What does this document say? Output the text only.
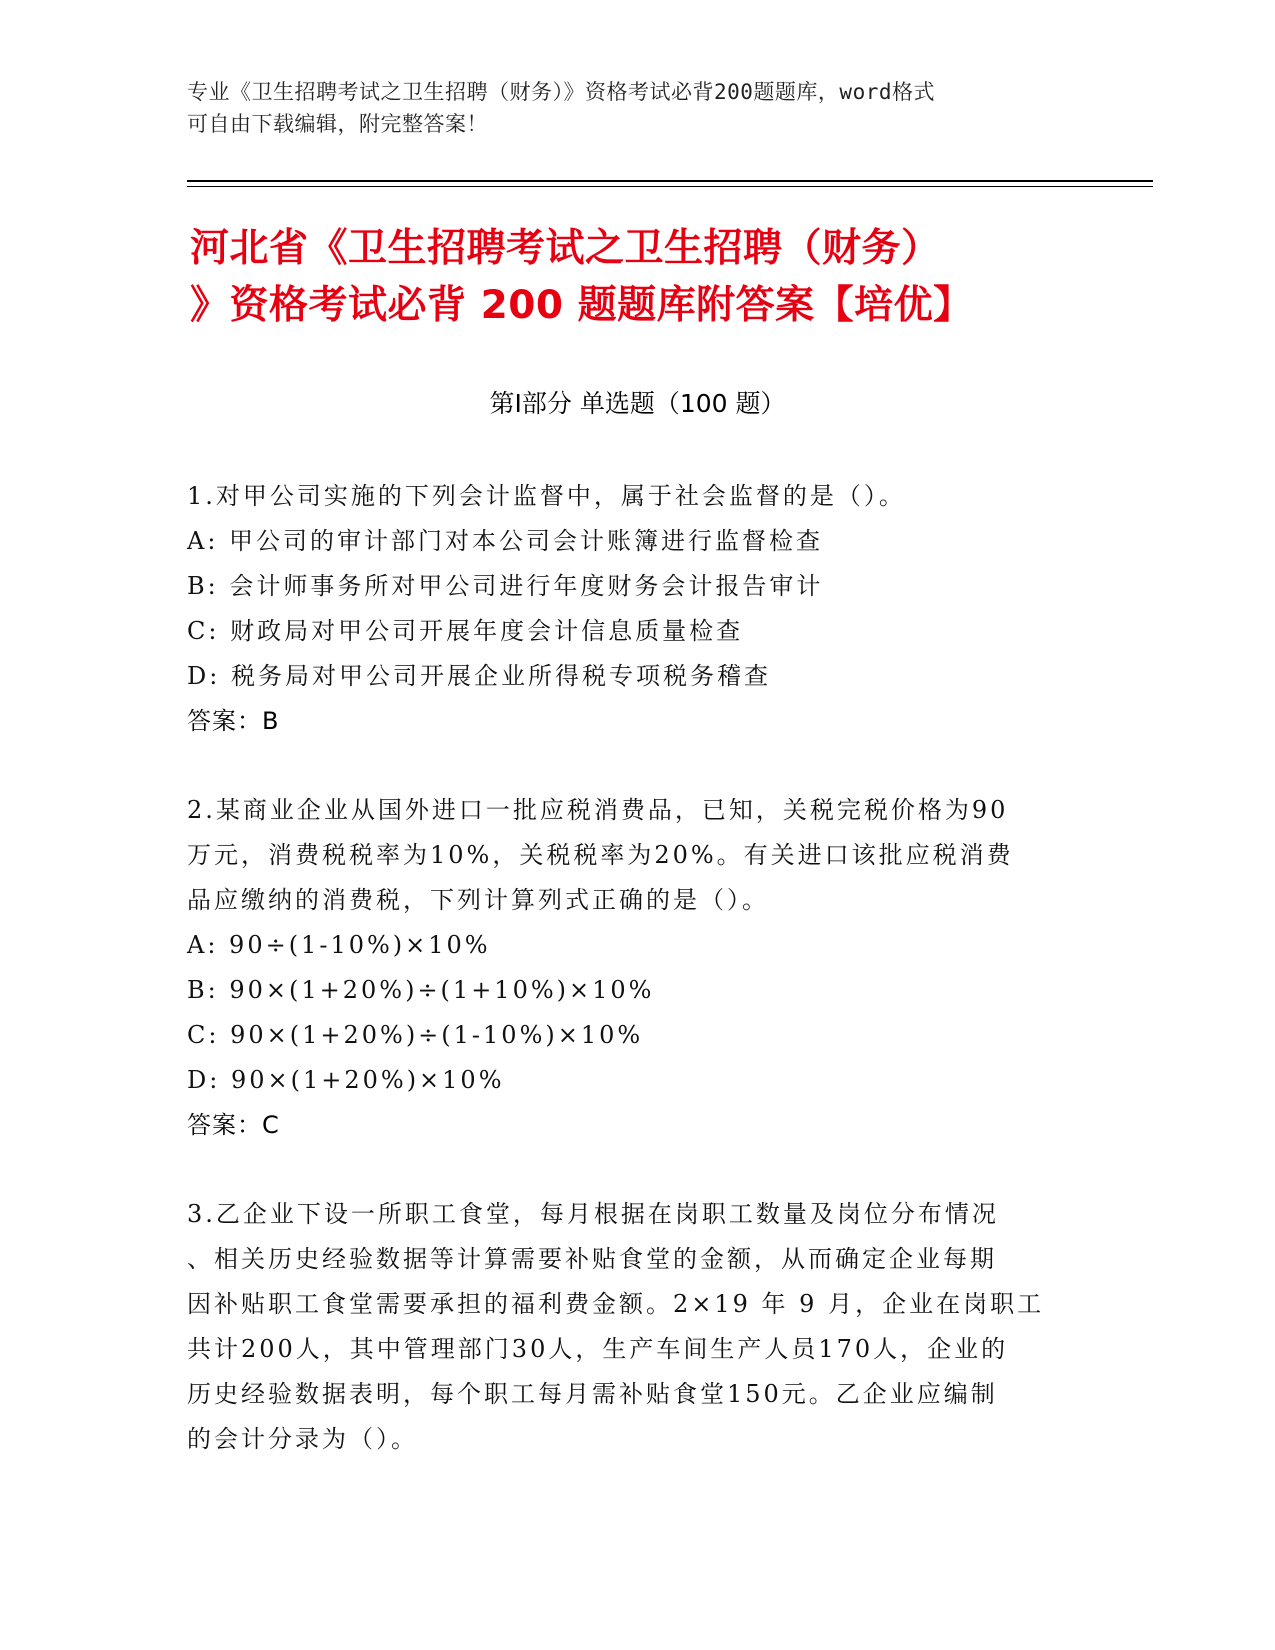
专业《卫生招聘考试之卫生招聘（财务）》资格考试必背200题题库，word格式
可自由下载编辑，附完整答案！
河北省《卫生招聘考试之卫生招聘（财务）
》资格考试必背 200 题题库附答案【培优】
第Ⅰ部分 单选题（100 题）
1.对甲公司实施的下列会计监督中，属于社会监督的是（）。
A: 甲公司的审计部门对本公司会计账簿进行监督检查
B: 会计师事务所对甲公司进行年度财务会计报告审计
C: 财政局对甲公司开展年度会计信息质量检查
D: 税务局对甲公司开展企业所得税专项税务稽查
答案：B
2.某商业企业从国外进口一批应税消费品，已知，关税完税价格为90
万元，消费税税率为10%，关税税率为20%。有关进口该批应税消费
品应缴纳的消费税，下列计算列式正确的是（）。
A: 90÷(1-10%)×10%
B: 90×(1+20%)÷(1+10%)×10%
C: 90×(1+20%)÷(1-10%)×10%
D: 90×(1+20%)×10%
答案：C
3.乙企业下设一所职工食堂，每月根据在岗职工数量及岗位分布情况
、相关历史经验数据等计算需要补贴食堂的金额，从而确定企业每期
因补贴职工食堂需要承担的福利费金额。2×19 年 9 月，企业在岗职工
共计200人，其中管理部门30人，生产车间生产人员170人，企业的
历史经验数据表明，每个职工每月需补贴食堂150元。乙企业应编制
的会计分录为（）。
